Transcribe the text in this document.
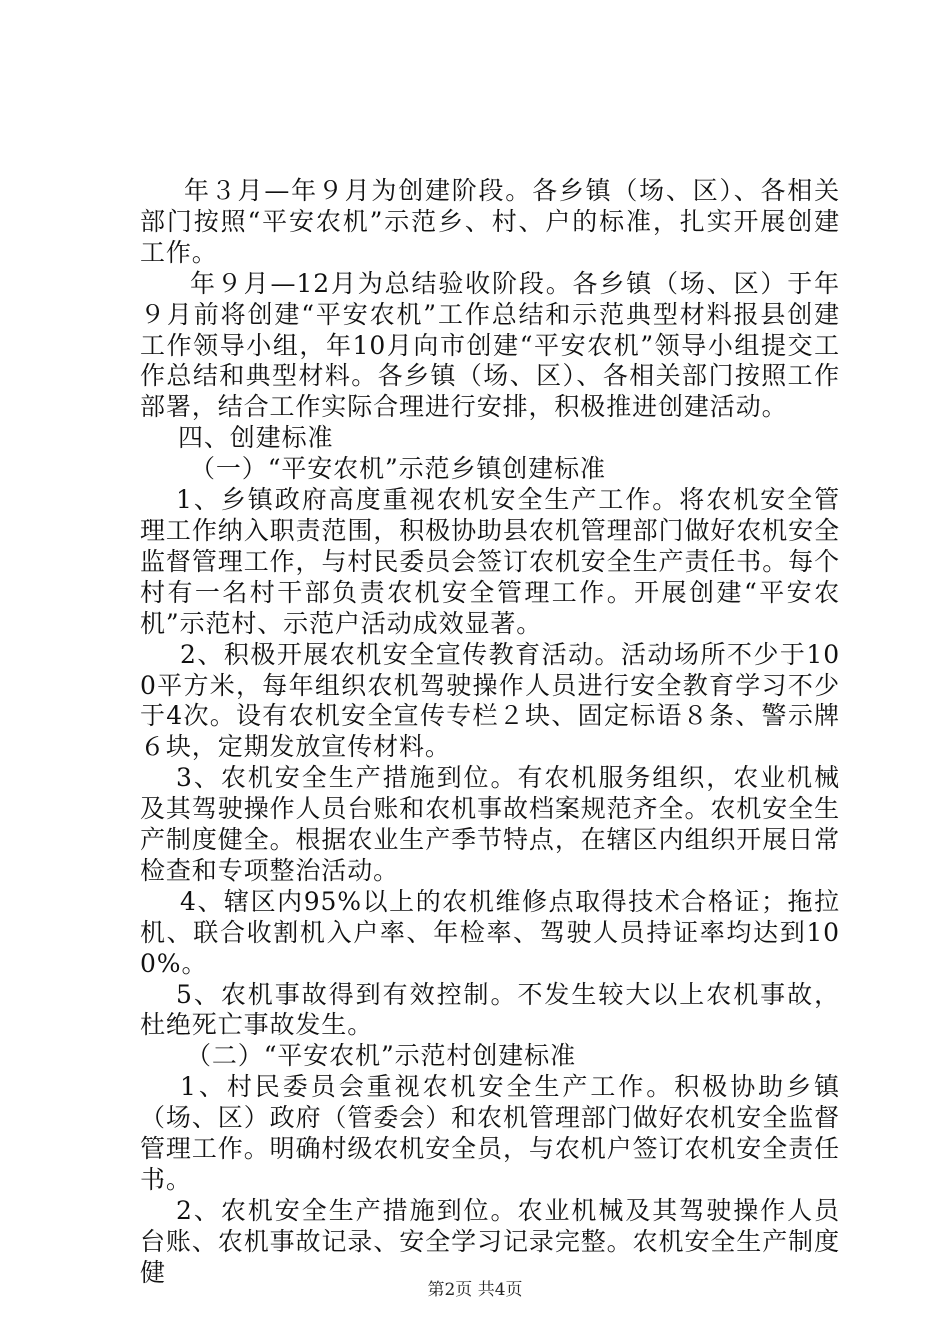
年３月—年９月为创建阶段。各乡镇（场、区）、各相关部门按照“平安农机”示范乡、村、户的标准，扎实开展创建工作。

年９月—12月为总结验收阶段。各乡镇（场、区）于年９月前将创建“平安农机”工作总结和示范典型材料报县创建工作领导小组，年10月向市创建“平安农机”领导小组提交工作总结和典型材料。各乡镇（场、区）、各相关部门按照工作部署，结合工作实际合理进行安排，积极推进创建活动。

四、创建标准

（一）“平安农机”示范乡镇创建标准

1、乡镇政府高度重视农机安全生产工作。将农机安全管理工作纳入职责范围，积极协助县农机管理部门做好农机安全监督管理工作，与村民委员会签订农机安全生产责任书。每个村有一名村干部负责农机安全管理工作。开展创建“平安农机”示范村、示范户活动成效显著。

2、积极开展农机安全宣传教育活动。活动场所不少于100平方米，每年组织农机驾驶操作人员进行安全教育学习不少于4次。设有农机安全宣传专栏２块、固定标语８条、警示牌６块，定期发放宣传材料。

3、农机安全生产措施到位。有农机服务组织，农业机械及其驾驶操作人员台账和农机事故档案规范齐全。农机安全生产制度健全。根据农业生产季节特点，在辖区内组织开展日常检查和专项整治活动。

4、辖区内95%以上的农机维修点取得技术合格证；拖拉机、联合收割机入户率、年检率、驾驶人员持证率均达到100%。

5、农机事故得到有效控制。不发生较大以上农机事故，杜绝死亡事故发生。

（二）“平安农机”示范村创建标准

1、村民委员会重视农机安全生产工作。积极协助乡镇（场、区）政府（管委会）和农机管理部门做好农机安全监督管理工作。明确村级农机安全员，与农机户签订农机安全责任书。

2、农机安全生产措施到位。农业机械及其驾驶操作人员台账、农机事故记录、安全学习记录完整。农机安全生产制度健

第2页 共4页
